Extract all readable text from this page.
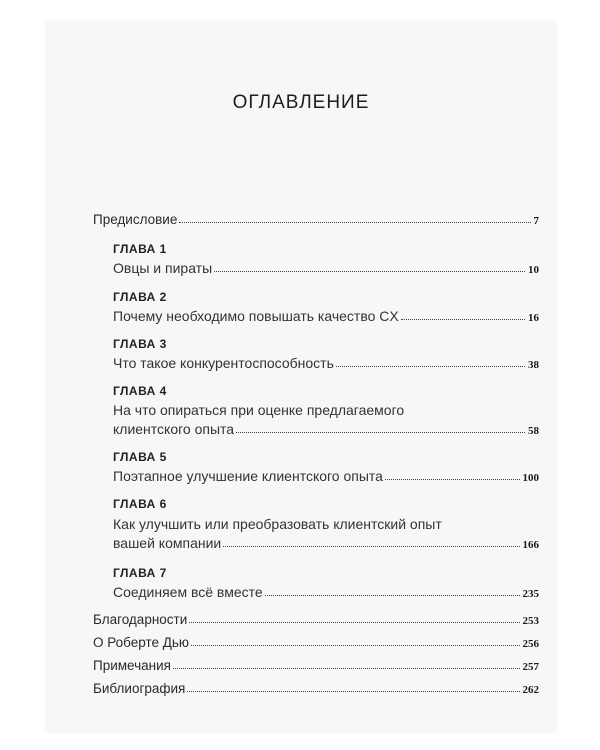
ОГЛАВЛЕНИЕ
Предисловие	7
ГЛАВА 1
Овцы и пираты	10
ГЛАВА 2
Почему необходимо повышать качество CX	16
ГЛАВА 3
Что такое конкурентоспособность	38
ГЛАВА 4
На что опираться при оценке предлагаемого
клиентского опыта	58
ГЛАВА 5
Поэтапное улучшение клиентского опыта	100
ГЛАВА 6
Как улучшить или преобразовать клиентский опыт
вашей компании	166
ГЛАВА 7
Соединяем всё вместе	235
Благодарности	253
О Роберте Дью	256
Примечания	257
Библиография	262
